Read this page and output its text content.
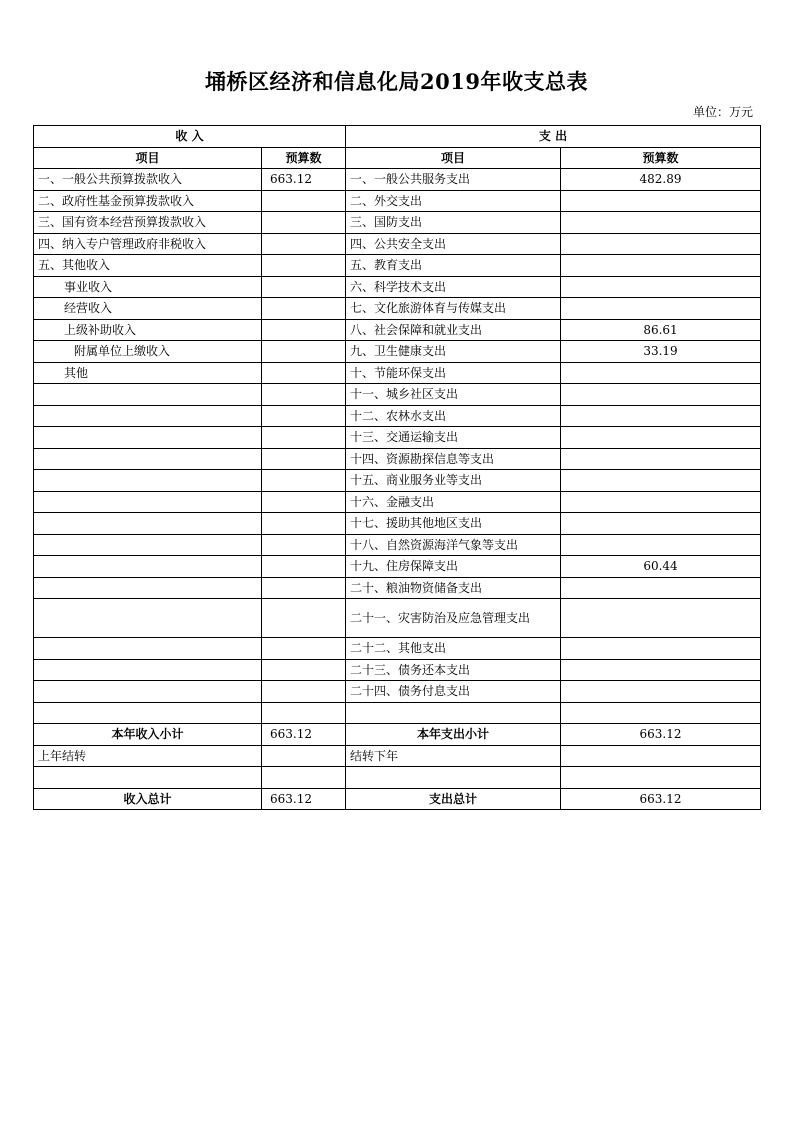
埇桥区经济和信息化局2019年收支总表
单位：万元
收 入		支 出	
项目	预算数	项目	预算数
一、一般公共预算拨款收入	663.12	一、一般公共服务支出	482.89
二、政府性基金预算拨款收入		二、外交支出	
三、国有资本经营预算拨款收入		三、国防支出	
四、纳入专户管理政府非税收入		四、公共安全支出	
五、其他收入		五、教育支出	
事业收入		六、科学技术支出	
经营收入		七、文化旅游体育与传媒支出	
上级补助收入		八、社会保障和就业支出	86.61
附属单位上缴收入		九、卫生健康支出	33.19
其他		十、节能环保支出	
		十一、城乡社区支出	
		十二、农林水支出	
		十三、交通运输支出	
		十四、资源勘探信息等支出	
		十五、商业服务业等支出	
		十六、金融支出	
		十七、援助其他地区支出	
		十八、自然资源海洋气象等支出	
		十九、住房保障支出	60.44
		二十、粮油物资储备支出	
		二十一、灾害防治及应急管理支出	
		二十二、其他支出	
		二十三、债务还本支出	
		二十四、债务付息支出	

本年收入小计	663.12	本年支出小计	663.12
上年结转		结转下年	

收入总计	663.12	支出总计	663.12
